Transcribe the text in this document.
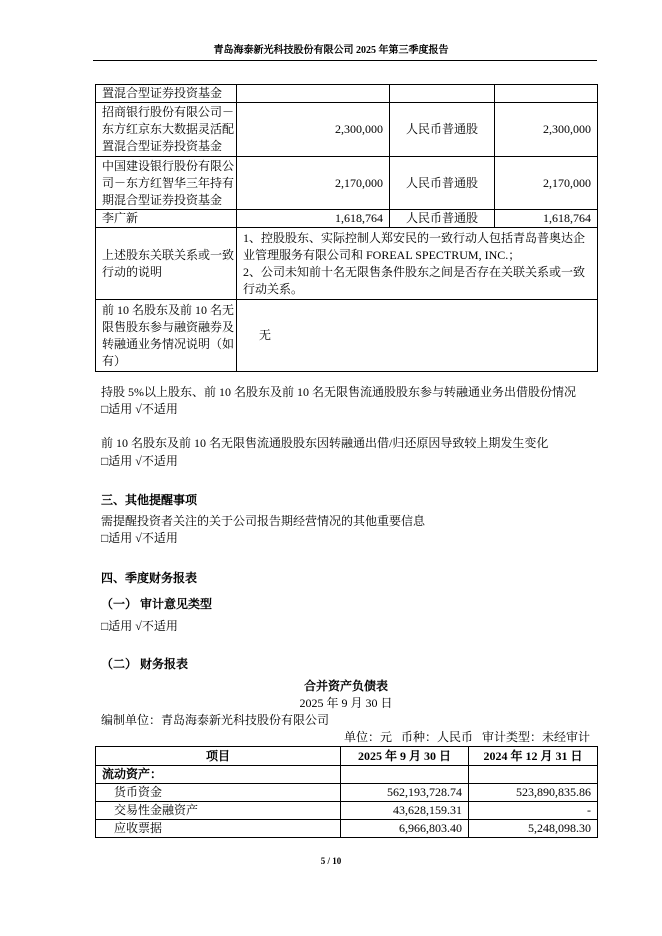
青岛海泰新光科技股份有限公司 2025 年第三季度报告
置混合型证券投资基金			

招商银行股份有限公司－
东方红京东大数据灵活配
置混合型证券投资基金	2,300,000	人民币普通股	2,300,000

中国建设银行股份有限公
司－东方红智华三年持有
期混合型证券投资基金	2,170,000	人民币普通股	2,170,000

李广新	1,618,764	人民币普通股	1,618,764

上述股东关联关系或一致
行动的说明	1、控股股东、实际控制人郑安民的一致行动人包括青岛普奥达企
业管理服务有限公司和 FOREAL SPECTRUM, INC.；
2、公司未知前十名无限售条件股东之间是否存在关联关系或一致
行动关系。		

前 10 名股东及前 10 名无
限售股东参与融资融券及
转融通业务情况说明（如
有）	无		
持股 5%以上股东、前 10 名股东及前 10 名无限售流通股股东参与转融通业务出借股份情况
□适用 √不适用
前 10 名股东及前 10 名无限售流通股股东因转融通出借/归还原因导致较上期发生变化
□适用 √不适用
三、其他提醒事项
需提醒投资者关注的关于公司报告期经营情况的其他重要信息
□适用 √不适用
四、季度财务报表
（一） 审计意见类型
□适用 √不适用
（二） 财务报表
合并资产负债表
2025 年 9 月 30 日
编制单位：青岛海泰新光科技股份有限公司
单位：元   币种：人民币   审计类型：未经审计
项目	2025 年 9 月 30 日	2024 年 12 月 31 日
流动资产：		
货币资金	562,193,728.74	523,890,835.86
交易性金融资产	43,628,159.31	-
应收票据	6,966,803.40	5,248,098.30
5 / 10
